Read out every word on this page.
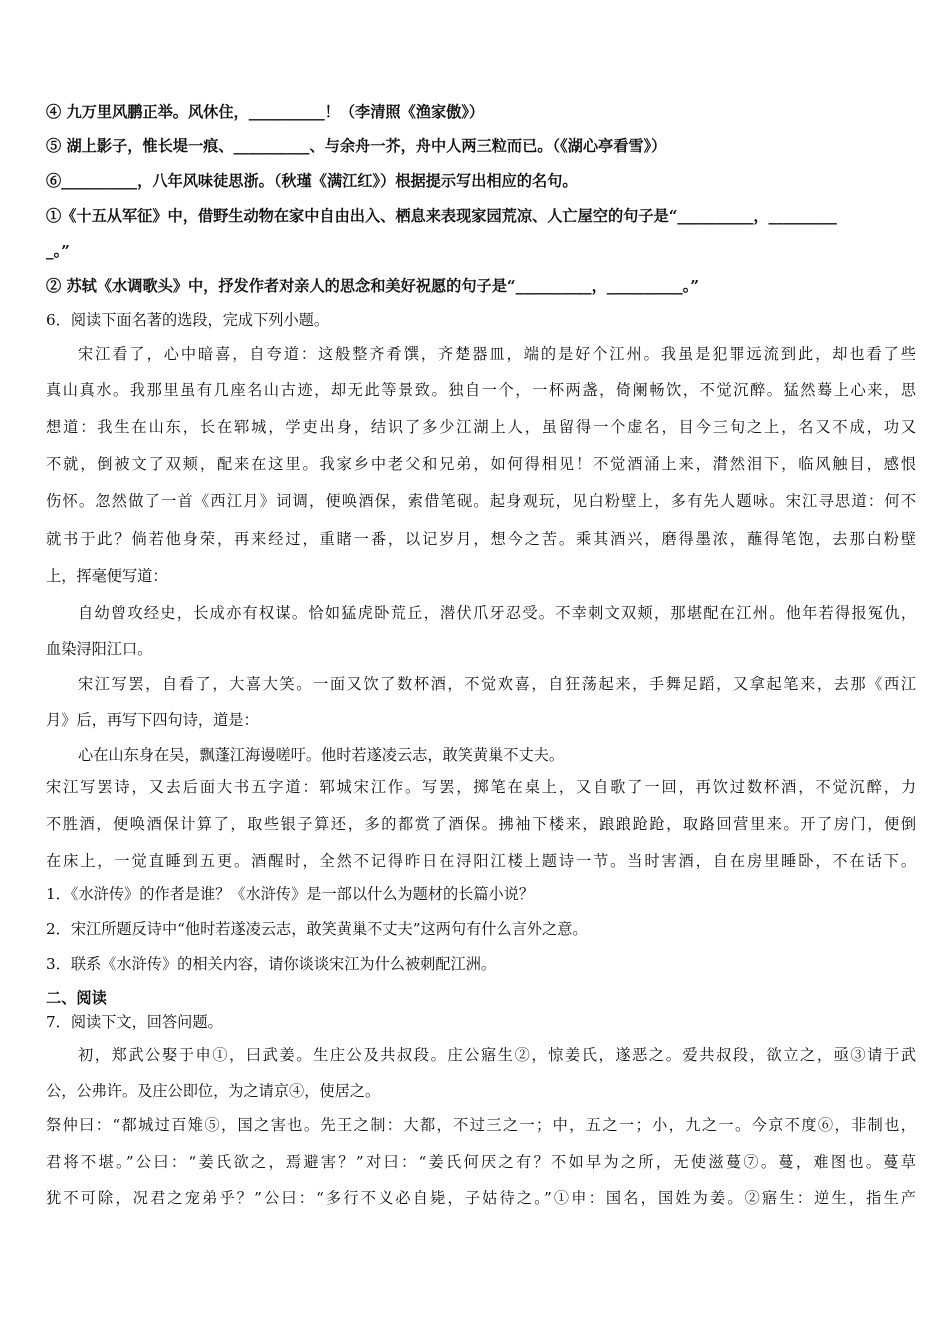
④ 九万里风鹏正举。风休住，__________！（李清照《渔家傲》）
⑤ 湖上影子，惟长堤一痕、__________、与余舟一芥，舟中人两三粒而已。（《湖心亭看雪》）
⑥__________，八年风味徒思浙。（秋瑾《满江红》）根据提示写出相应的名句。
①《十五从军征》中，借野生动物在家中自由出入、栖息来表现家园荒凉、人亡屋空的句子是“__________，_________
_。”
② 苏轼《水调歌头》中，抒发作者对亲人的思念和美好祝愿的句子是“__________，__________。”
6．阅读下面名著的选段，完成下列小题。
宋江看了，心中暗喜，自夸道：这般整齐肴馔，齐楚器皿，端的是好个江州。我虽是犯罪远流到此，却也看了些
真山真水。我那里虽有几座名山古迹，却无此等景致。独自一个，一杯两盏，倚阑畅饮，不觉沉醉。猛然蓦上心来，思
想道：我生在山东，长在郓城，学吏出身，结识了多少江湖上人，虽留得一个虚名，目今三旬之上，名又不成，功又
不就，倒被文了双颊，配来在这里。我家乡中老父和兄弟，如何得相见！不觉酒涌上来，潸然泪下，临风触目，感恨
伤怀。忽然做了一首《西江月》词调，便唤酒保，索借笔砚。起身观玩，见白粉壁上，多有先人题咏。宋江寻思道：何不
就书于此？倘若他身荣，再来经过，重睹一番，以记岁月，想今之苦。乘其酒兴，磨得墨浓，蘸得笔饱，去那白粉壁
上，挥毫便写道：
自幼曾攻经史，长成亦有权谋。恰如猛虎卧荒丘，潜伏爪牙忍受。不幸刺文双颊，那堪配在江州。他年若得报冤仇，
血染浔阳江口。
宋江写罢，自看了，大喜大笑。一面又饮了数杯酒，不觉欢喜，自狂荡起来，手舞足蹈，又拿起笔来，去那《西江
月》后，再写下四句诗，道是：
心在山东身在吴，飘蓬江海谩嗟吁。他时若遂凌云志，敢笑黄巢不丈夫。
宋江写罢诗，又去后面大书五字道：郓城宋江作。写罢，掷笔在桌上，又自歌了一回，再饮过数杯酒，不觉沉醉，力
不胜酒，便唤酒保计算了，取些银子算还，多的都赏了酒保。拂袖下楼来，踉踉跄跄，取路回营里来。开了房门，便倒
在床上，一觉直睡到五更。酒醒时，全然不记得昨日在浔阳江楼上题诗一节。当时害酒，自在房里睡卧，不在话下。
1．《水浒传》的作者是谁？《水浒传》是一部以什么为题材的长篇小说？
2．宋江所题反诗中“他时若遂凌云志，敢笑黄巢不丈夫”这两句有什么言外之意。
3．联系《水浒传》的相关内容，请你谈谈宋江为什么被刺配江洲。
二、阅读
7．阅读下文，回答问题。
初，郑武公娶于申①，曰武姜。生庄公及共叔段。庄公寤生②，惊姜氏，遂恶之。爱共叔段，欲立之，亟③请于武
公，公弗许。及庄公即位，为之请京④，使居之。
祭仲曰：“都城过百雉⑤，国之害也。先王之制：大都，不过三之一；中，五之一；小，九之一。今京不度⑥，非制也，
君将不堪。”公曰：“姜氏欲之，焉避害？”对曰：“姜氏何厌之有？不如早为之所，无使滋蔓⑦。蔓，难图也。蔓草
犹不可除，况君之宠弟乎？”公曰：“多行不义必自毙，子姑待之。”①申：国名，国姓为姜。②寤生：逆生，指生产
